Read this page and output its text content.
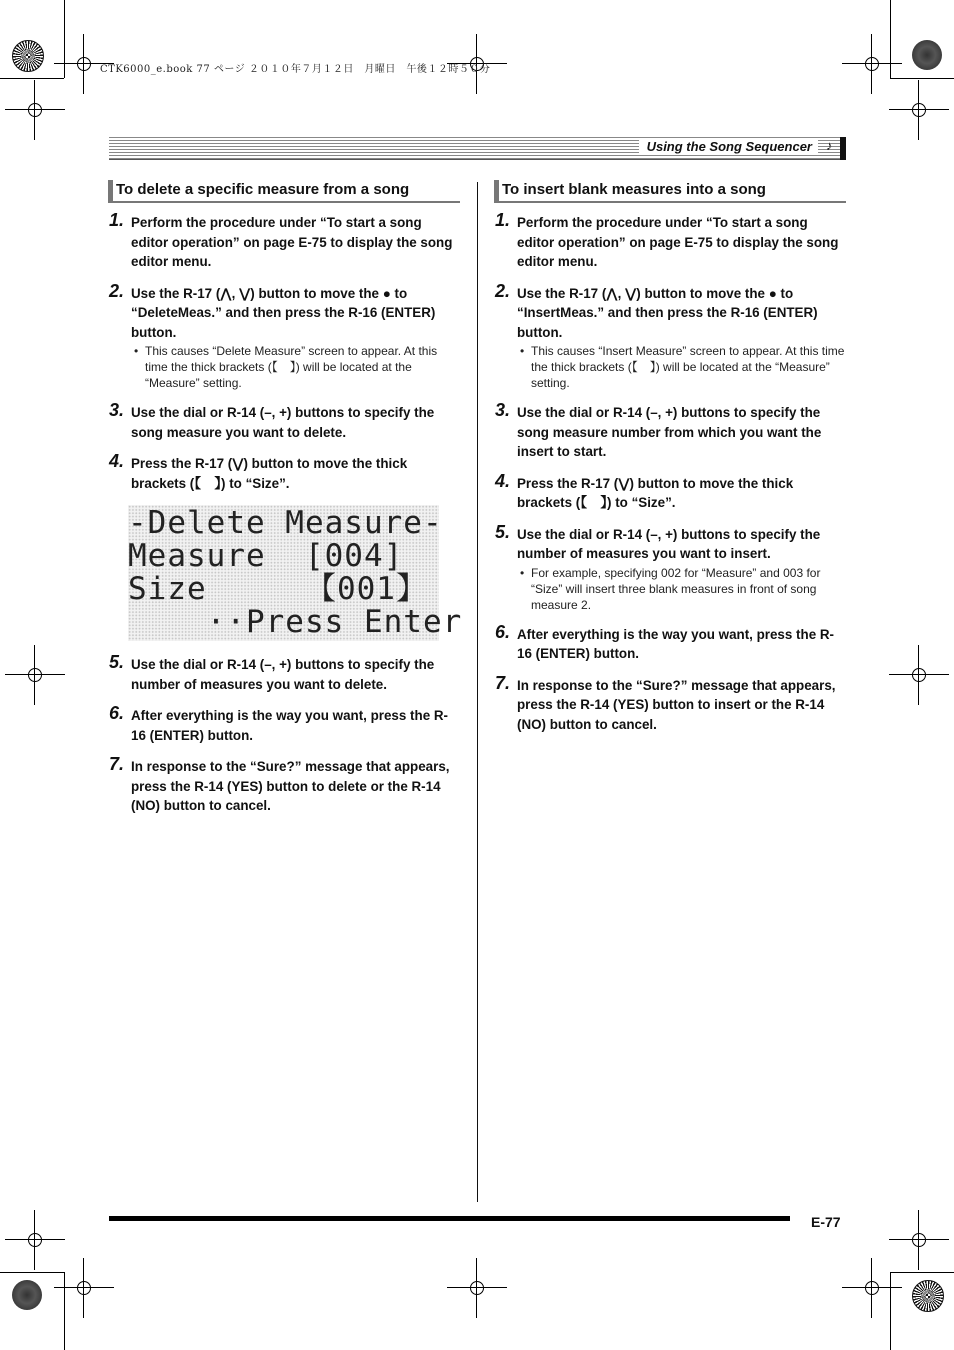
CTK6000_e.book 77 ページ ２０１０年７月１２日　月曜日　午後１２時５０分
Using the Song Sequencer	♪
To delete a specific measure from a song
1. Perform the procedure under “To start a song editor operation” on page E-75 to display the song editor menu.
2. Use the R-17 (⋀, ⋁) button to move the ● to “DeleteMeas.” and then press the R-16 (ENTER) button.
• This causes “Delete Measure” screen to appear. At this time the thick brackets (【　】) will be located at the “Measure” setting.
3. Use the dial or R-14 (–, +) buttons to specify the song measure you want to delete.
4. Press the R-17 (⋁) button to move the thick brackets (【　】) to “Size”.
-Delete Measure-
Measure  [004]
Size     【001】
··Press Enter
5. Use the dial or R-14 (–, +) buttons to specify the number of measures you want to delete.
6. After everything is the way you want, press the R-16 (ENTER) button.
7. In response to the “Sure?” message that appears, press the R-14 (YES) button to delete or the R-14 (NO) button to cancel.
To insert blank measures into a song
1. Perform the procedure under “To start a song editor operation” on page E-75 to display the song editor menu.
2. Use the R-17 (⋀, ⋁) button to move the ● to “InsertMeas.” and then press the R-16 (ENTER) button.
• This causes “Insert Measure” screen to appear. At this time the thick brackets (【　】) will be located at the “Measure” setting.
3. Use the dial or R-14 (–, +) buttons to specify the song measure number from which you want the insert to start.
4. Press the R-17 (⋁) button to move the thick brackets (【　】) to “Size”.
5. Use the dial or R-14 (–, +) buttons to specify the number of measures you want to insert.
• For example, specifying 002 for “Measure” and 003 for “Size” will insert three blank measures in front of song measure 2.
6. After everything is the way you want, press the R-16 (ENTER) button.
7. In response to the “Sure?” message that appears, press the R-14 (YES) button to insert or the R-14 (NO) button to cancel.
E-77
